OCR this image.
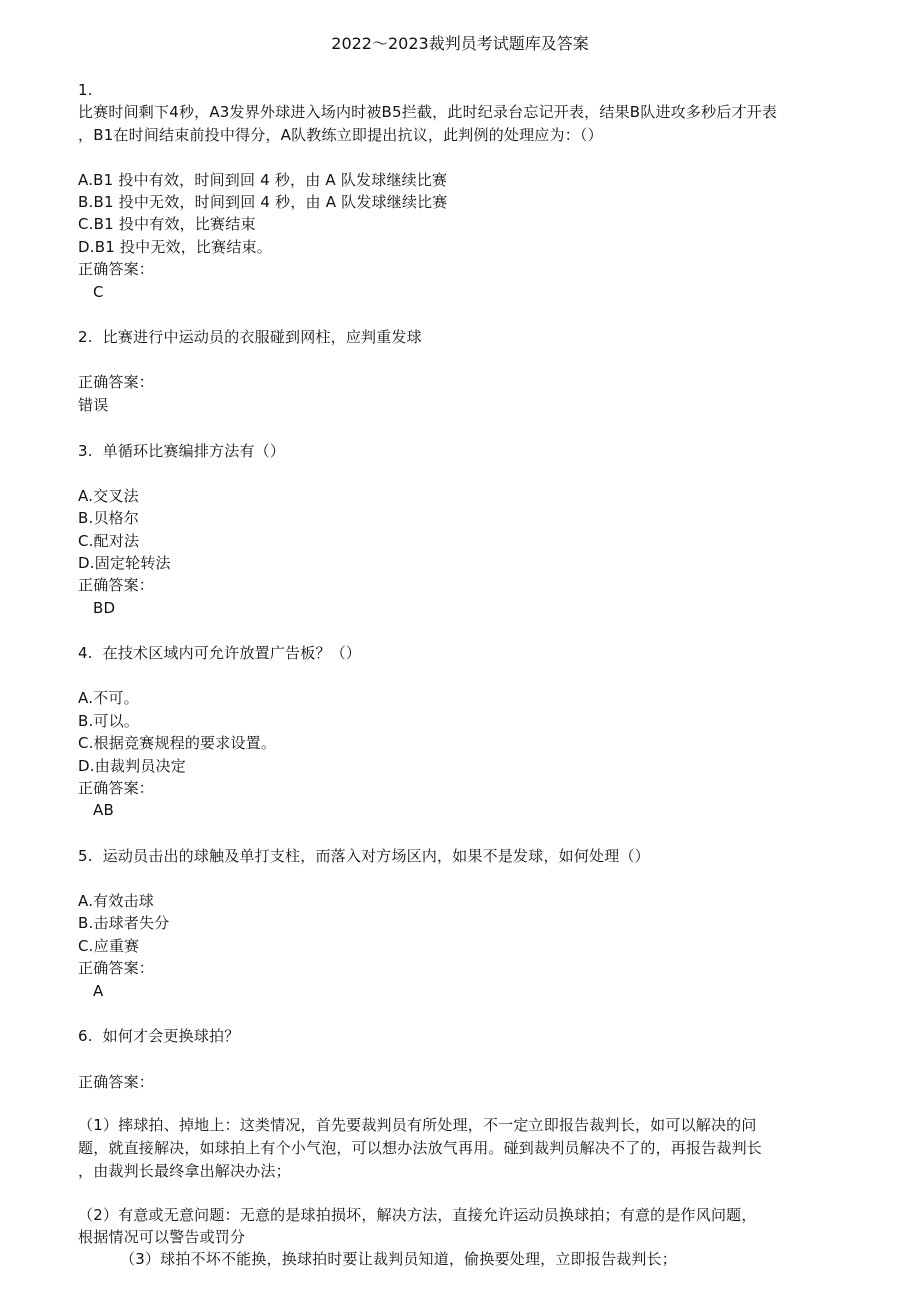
2022～2023裁判员考试题库及答案
1.
比赛时间剩下4秒，A3发界外球进入场内时被B5拦截，此时纪录台忘记开表，结果B队进攻多秒后才开表
，B1在时间结束前投中得分，A队教练立即提出抗议，此判例的处理应为：（）
A.B1 投中有效，时间到回 4 秒，由 A 队发球继续比赛
B.B1 投中无效，时间到回 4 秒，由 A 队发球继续比赛
C.B1 投中有效，比赛结束
D.B1 投中无效，比赛结束。
正确答案：
C
2. 比赛进行中运动员的衣服碰到网柱，应判重发球
正确答案：
错误
3. 单循环比赛编排方法有（）
A.交叉法
B.贝格尔
C.配对法
D.固定轮转法
正确答案：
BD
4. 在技术区域内可允许放置广告板？（）
A.不可。
B.可以。
C.根据竞赛规程的要求设置。
D.由裁判员决定
正确答案：
AB
5. 运动员击出的球触及单打支柱，而落入对方场区内，如果不是发球，如何处理（）
A.有效击球
B.击球者失分
C.应重赛
正确答案：
A
6. 如何才会更换球拍？
正确答案：
（1）摔球拍、掉地上：这类情况，首先要裁判员有所处理，不一定立即报告裁判长，如可以解决的问
题，就直接解决，如球拍上有个小气泡，可以想办法放气再用。碰到裁判员解决不了的，再报告裁判长
，由裁判长最终拿出解决办法；
（2）有意或无意问题：无意的是球拍损坏，解决方法，直接允许运动员换球拍；有意的是作风问题，
根据情况可以警告或罚分
（3）球拍不坏不能换，换球拍时要让裁判员知道，偷换要处理，立即报告裁判长；
